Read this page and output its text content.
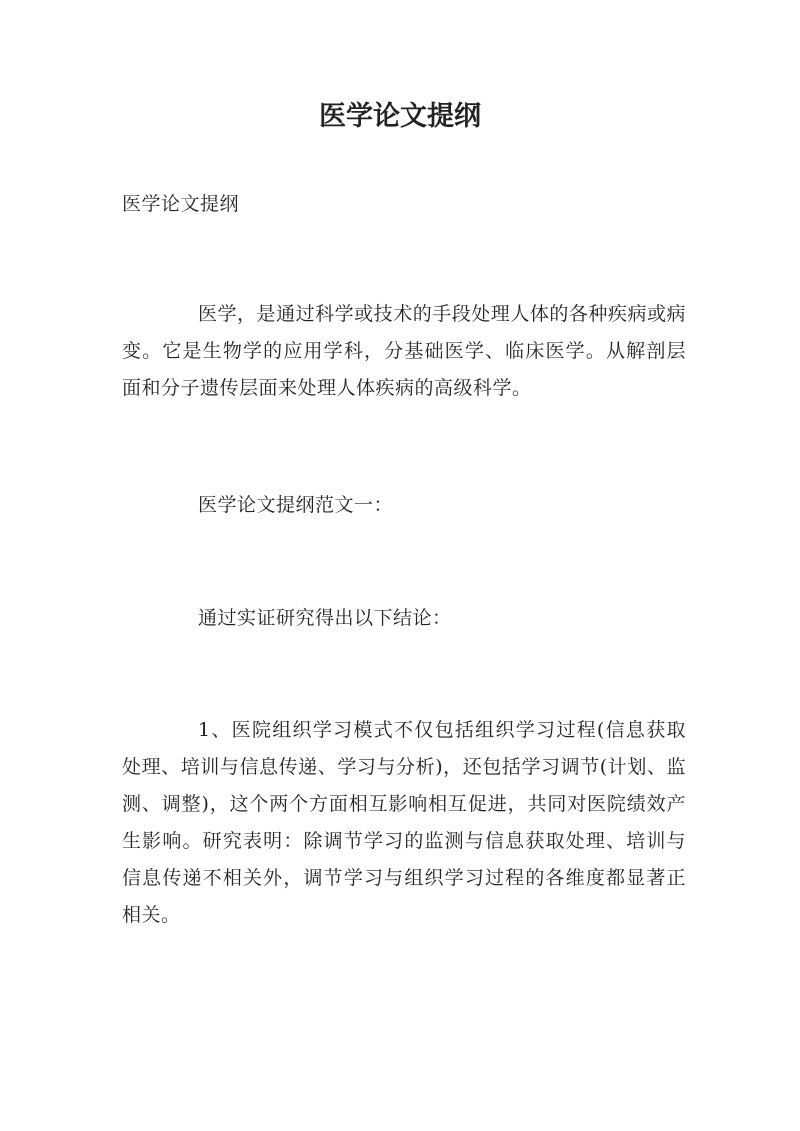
医学论文提纲

医学论文提纲

医学，是通过科学或技术的手段处理人体的各种疾病或病变。它是生物学的应用学科，分基础医学、临床医学。从解剖层面和分子遗传层面来处理人体疾病的高级科学。

医学论文提纲范文一：

通过实证研究得出以下结论：

1、医院组织学习模式不仅包括组织学习过程(信息获取处理、培训与信息传递、学习与分析)，还包括学习调节(计划、监测、调整)，这个两个方面相互影响相互促进，共同对医院绩效产生影响。研究表明：除调节学习的监测与信息获取处理、培训与信息传递不相关外，调节学习与组织学习过程的各维度都显著正相关。
